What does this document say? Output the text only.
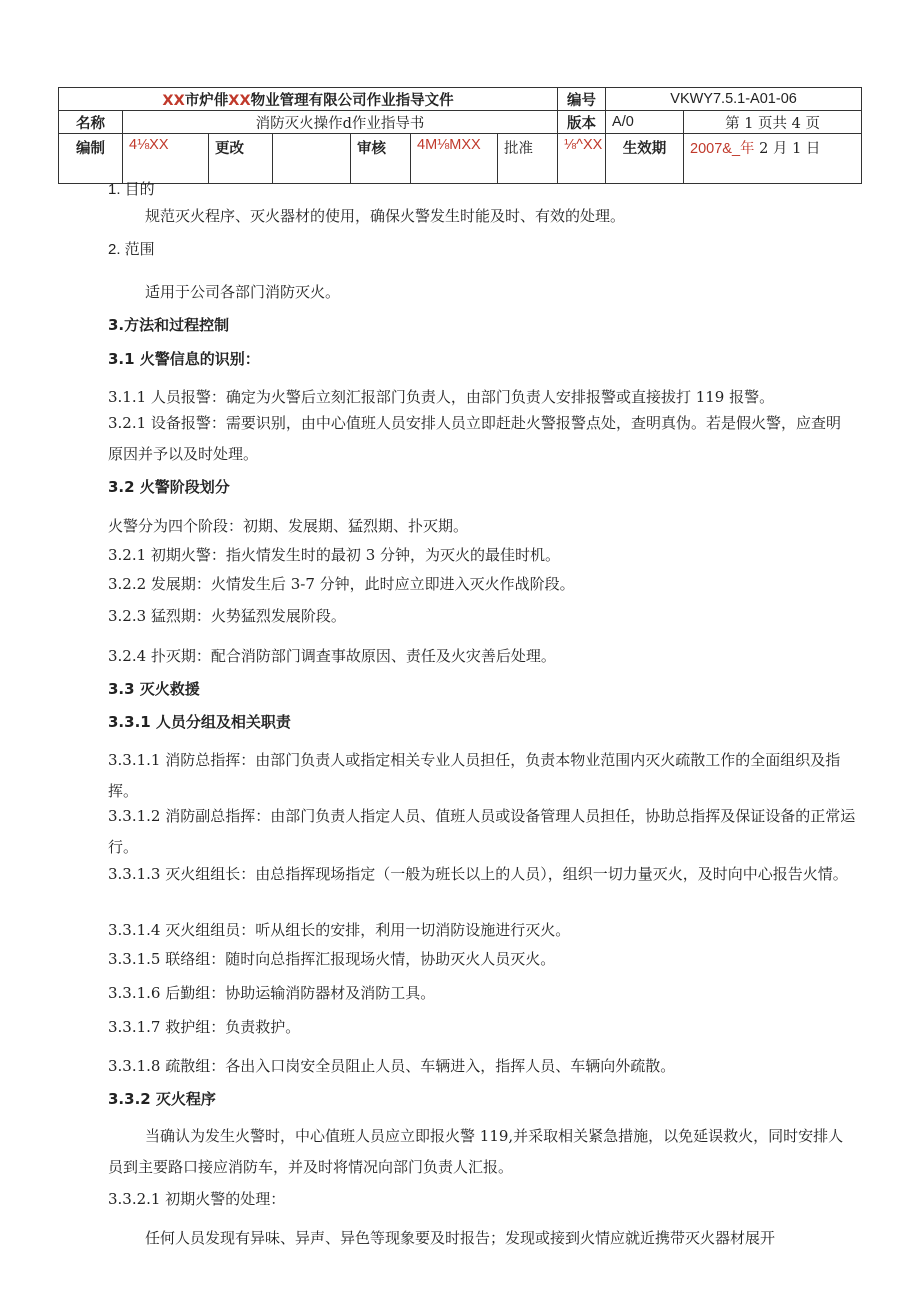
XX市炉俳XX物业管理有限公司作业指导文件							编号	VKWY7.5.1-A01-06	
名称	消防灭火操作d作业指导书						版本	A/0	第 1 页共 4 页
编制	4⅛XX	更改		审核	4M⅛MXX	批准	⅛^XX	生效期	2007&_年 2 月 1 日
1. 目的
规范灭火程序、灭火器材的使用，确保火警发生时能及时、有效的处理。
2. 范围
适用于公司各部门消防灭火。
3.方法和过程控制
3.1 火警信息的识别：
3.1.1 人员报警：确定为火警后立刻汇报部门负责人，由部门负责人安排报警或直接拔打 119 报警。
3.2.1 设备报警：需要识别，由中心值班人员安排人员立即赶赴火警报警点处，查明真伪。若是假火警，应查明原因并予以及时处理。
3.2 火警阶段划分
火警分为四个阶段：初期、发展期、猛烈期、扑灭期。
3.2.1 初期火警：指火情发生时的最初 3 分钟，为灭火的最佳时机。
3.2.2 发展期：火情发生后 3-7 分钟，此时应立即进入灭火作战阶段。
3.2.3 猛烈期：火势猛烈发展阶段。
3.2.4 扑灭期：配合消防部门调查事故原因、责任及火灾善后处理。
3.3 灭火救援
3.3.1 人员分组及相关职责
3.3.1.1 消防总指挥：由部门负责人或指定相关专业人员担任，负责本物业范围内灭火疏散工作的全面组织及指挥。
3.3.1.2 消防副总指挥：由部门负责人指定人员、值班人员或设备管理人员担任，协助总指挥及保证设备的正常运行。
3.3.1.3 灭火组组长：由总指挥现场指定（一般为班长以上的人员），组织一切力量灭火，及时向中心报告火情。
3.3.1.4 灭火组组员：听从组长的安排，利用一切消防设施进行灭火。
3.3.1.5 联络组：随时向总指挥汇报现场火情，协助灭火人员灭火。
3.3.1.6 后勤组：协助运输消防器材及消防工具。
3.3.1.7 救护组：负责救护。
3.3.1.8 疏散组：各出入口岗安全员阻止人员、车辆进入，指挥人员、车辆向外疏散。
3.3.2 灭火程序
当确认为发生火警时，中心值班人员应立即报火警 119,并采取相关紧急措施，以免延误救火，同时安排人员到主要路口接应消防车，并及时将情况向部门负责人汇报。
3.3.2.1 初期火警的处理：
任何人员发现有异味、异声、异色等现象要及时报告；发现或接到火情应就近携带灭火器材展开
